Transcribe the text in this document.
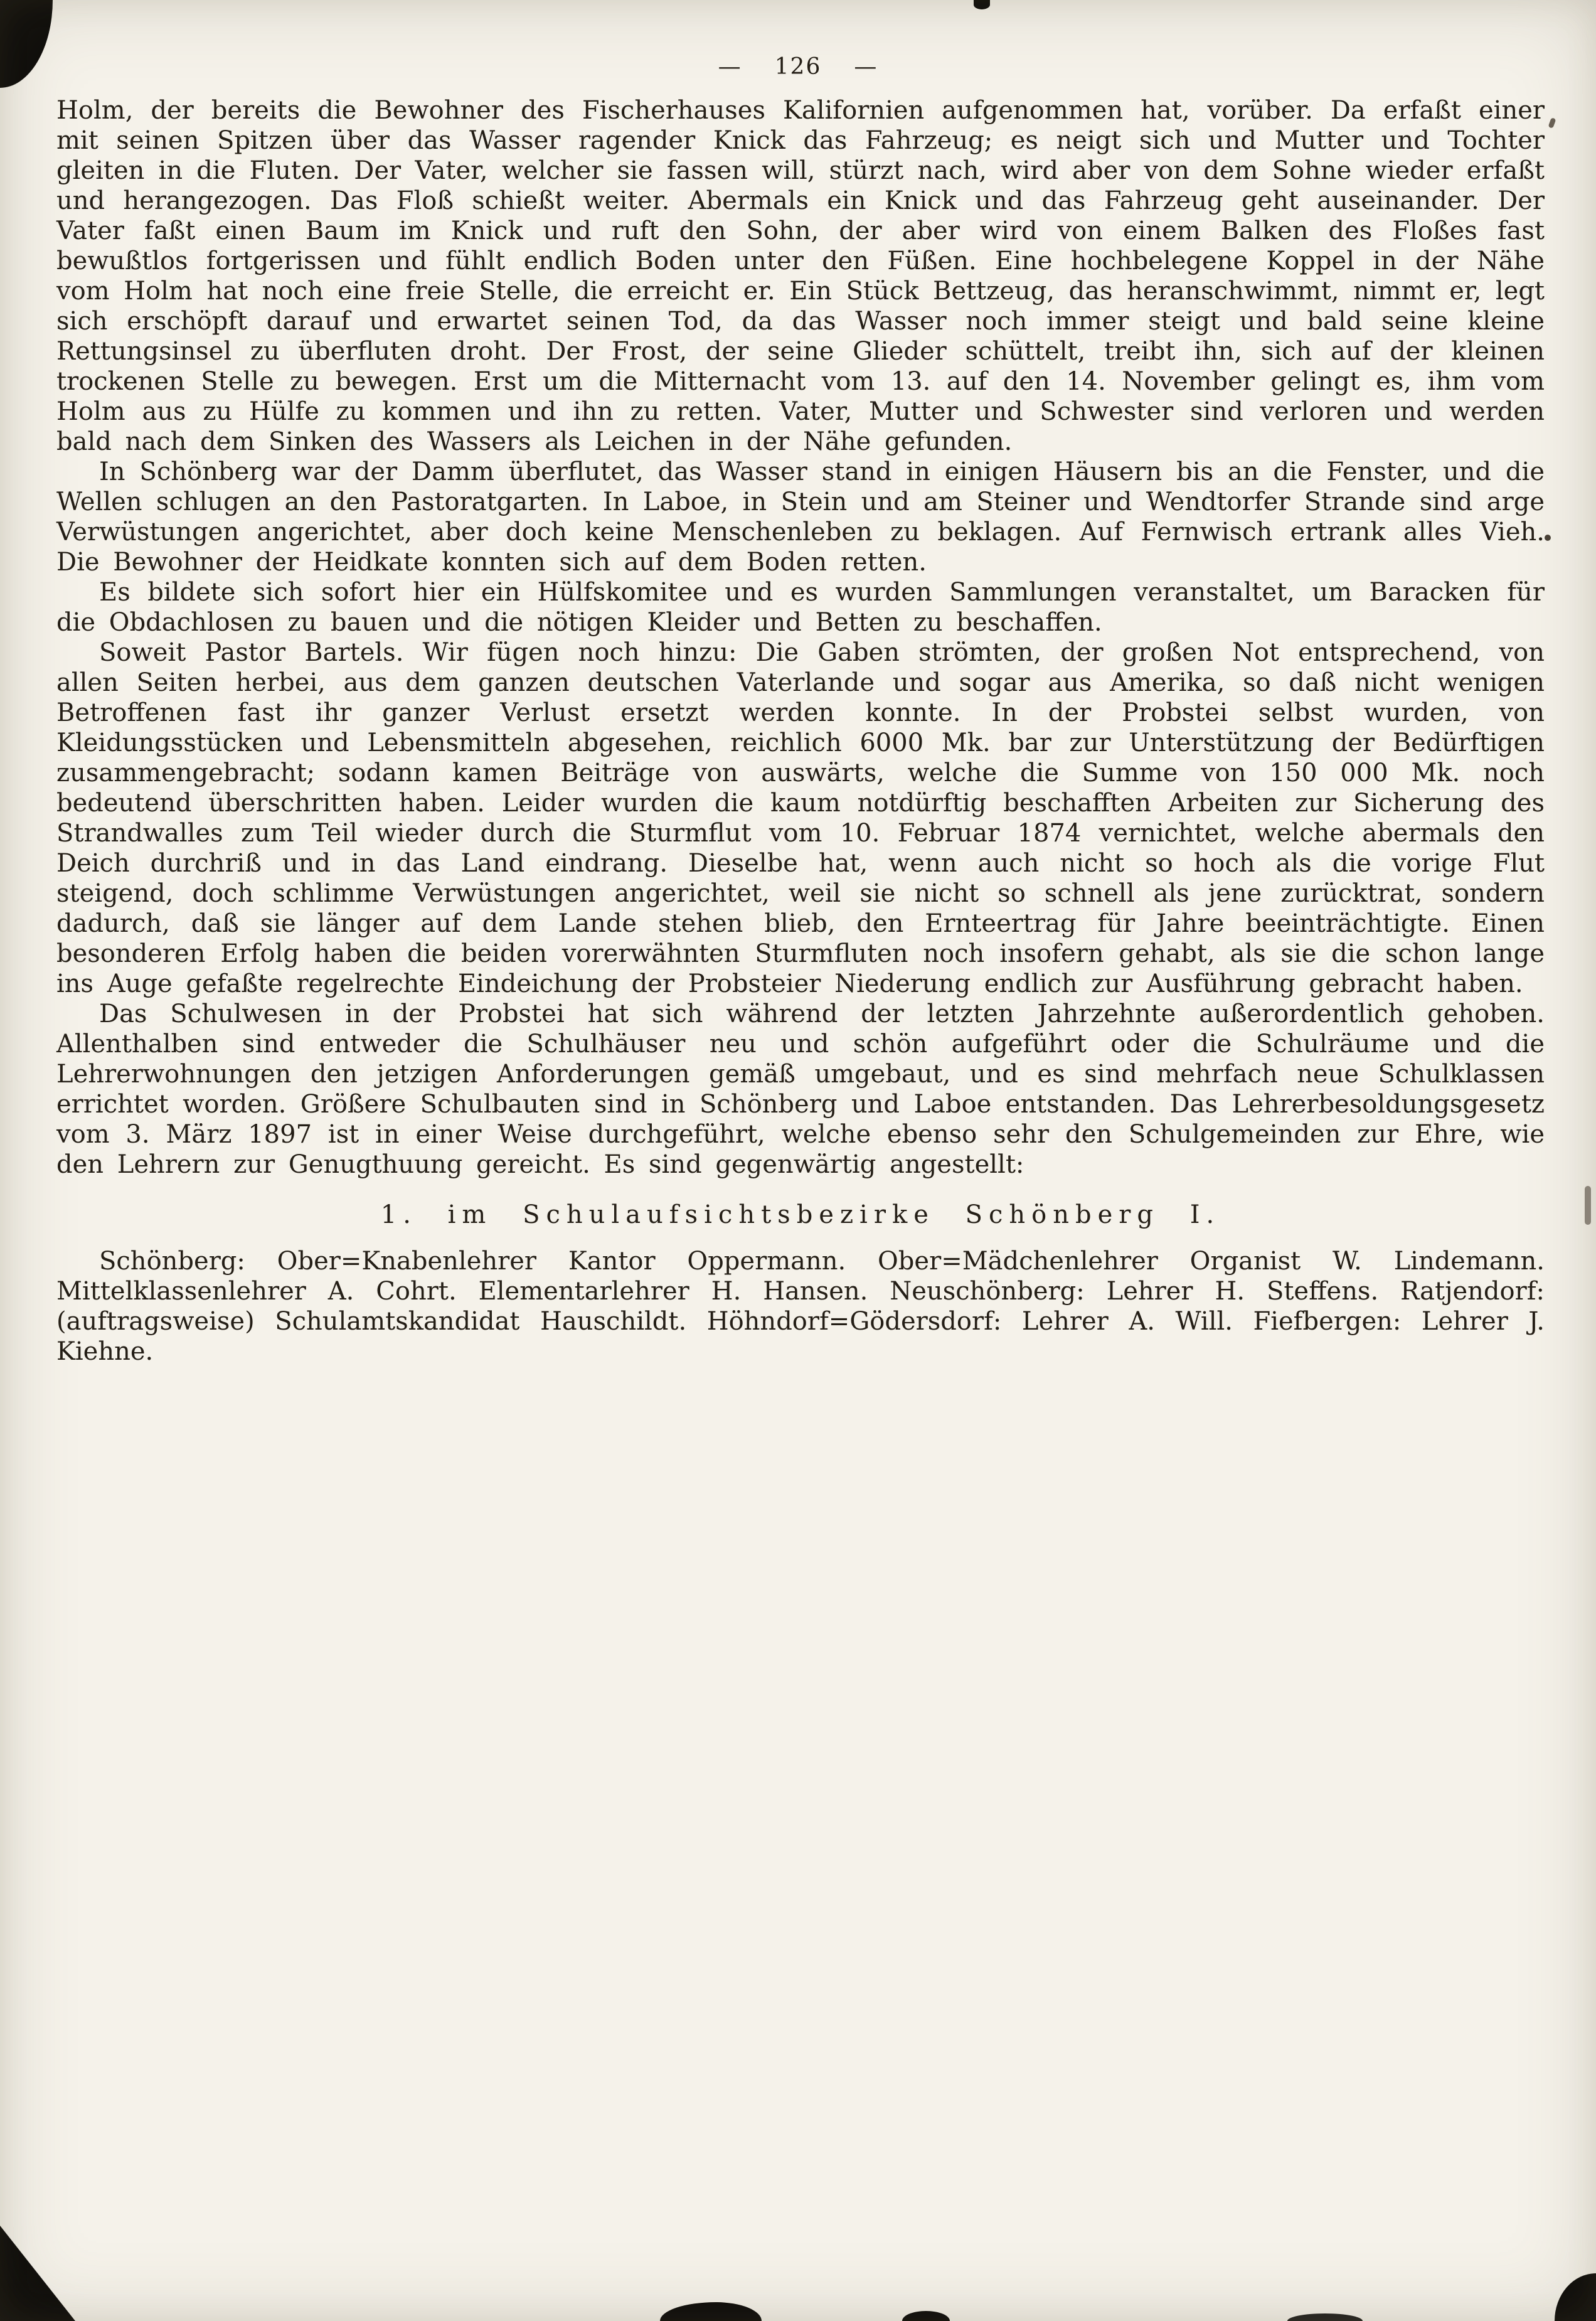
— 126 —

Holm, der bereits die Bewohner des Fischerhauses Kalifornien aufgenommen hat, vorüber. Da erfaßt einer mit seinen Spitzen über das Wasser ragender Knick das Fahrzeug; es neigt sich und Mutter und Tochter gleiten in die Fluten. Der Vater, welcher sie fassen will, stürzt nach, wird aber von dem Sohne wieder erfaßt und herangezogen. Das Floß schießt weiter. Abermals ein Knick und das Fahrzeug geht auseinander. Der Vater faßt einen Baum im Knick und ruft den Sohn, der aber wird von einem Balken des Floßes fast bewußtlos fortgerissen und fühlt endlich Boden unter den Füßen. Eine hochbelegene Koppel in der Nähe vom Holm hat noch eine freie Stelle, die erreicht er. Ein Stück Bettzeug, das heranschwimmt, nimmt er, legt sich erschöpft darauf und erwartet seinen Tod, da das Wasser noch immer steigt und bald seine kleine Rettungsinsel zu überfluten droht. Der Frost, der seine Glieder schüttelt, treibt ihn, sich auf der kleinen trockenen Stelle zu bewegen. Erst um die Mitternacht vom 13. auf den 14. November gelingt es, ihm vom Holm aus zu Hülfe zu kommen und ihn zu retten. Vater, Mutter und Schwester sind verloren und werden bald nach dem Sinken des Wassers als Leichen in der Nähe gefunden.

In Schönberg war der Damm überflutet, das Wasser stand in einigen Häusern bis an die Fenster, und die Wellen schlugen an den Pastoratgarten. In Laboe, in Stein und am Steiner und Wendtorfer Strande sind arge Verwüstungen angerichtet, aber doch keine Menschenleben zu beklagen. Auf Fernwisch ertrank alles Vieh. Die Bewohner der Heidkate konnten sich auf dem Boden retten.

Es bildete sich sofort hier ein Hülfskomitee und es wurden Sammlungen veranstaltet, um Baracken für die Obdachlosen zu bauen und die nötigen Kleider und Betten zu beschaffen.

Soweit Pastor Bartels. Wir fügen noch hinzu: Die Gaben strömten, der großen Not entsprechend, von allen Seiten herbei, aus dem ganzen deutschen Vaterlande und sogar aus Amerika, so daß nicht wenigen Betroffenen fast ihr ganzer Verlust ersetzt werden konnte. In der Probstei selbst wurden, von Kleidungsstücken und Lebensmitteln abgesehen, reichlich 6000 Mk. bar zur Unterstützung der Bedürftigen zusammengebracht; sodann kamen Beiträge von auswärts, welche die Summe von 150 000 Mk. noch bedeutend überschritten haben. Leider wurden die kaum notdürftig beschafften Arbeiten zur Sicherung des Strandwalles zum Teil wieder durch die Sturmflut vom 10. Februar 1874 vernichtet, welche abermals den Deich durchriß und in das Land eindrang. Dieselbe hat, wenn auch nicht so hoch als die vorige Flut steigend, doch schlimme Verwüstungen angerichtet, weil sie nicht so schnell als jene zurücktrat, sondern dadurch, daß sie länger auf dem Lande stehen blieb, den Ernteertrag für Jahre beeinträchtigte. Einen besonderen Erfolg haben die beiden vorerwähnten Sturmfluten noch insofern gehabt, als sie die schon lange ins Auge gefaßte regelrechte Eindeichung der Probsteier Niederung endlich zur Ausführung gebracht haben.

Das Schulwesen in der Probstei hat sich während der letzten Jahrzehnte außerordentlich gehoben. Allenthalben sind entweder die Schulhäuser neu und schön aufgeführt oder die Schulräume und die Lehrerwohnungen den jetzigen Anforderungen gemäß umgebaut, und es sind mehrfach neue Schulklassen errichtet worden. Größere Schulbauten sind in Schönberg und Laboe entstanden. Das Lehrerbesoldungsgesetz vom 3. März 1897 ist in einer Weise durchgeführt, welche ebenso sehr den Schulgemeinden zur Ehre, wie den Lehrern zur Genugthuung gereicht. Es sind gegenwärtig angestellt:

1. im Schulaufsichtsbezirke Schönberg I.

Schönberg: Ober=Knabenlehrer Kantor Oppermann. Ober=Mädchenlehrer Organist W. Lindemann. Mittelklassenlehrer A. Cohrt. Elementarlehrer H. Hansen. Neuschönberg: Lehrer H. Steffens. Ratjendorf: (auftragsweise) Schulamtskandidat Hauschildt. Höhndorf=Gödersdorf: Lehrer A. Will. Fiefbergen: Lehrer J. Kiehne.
